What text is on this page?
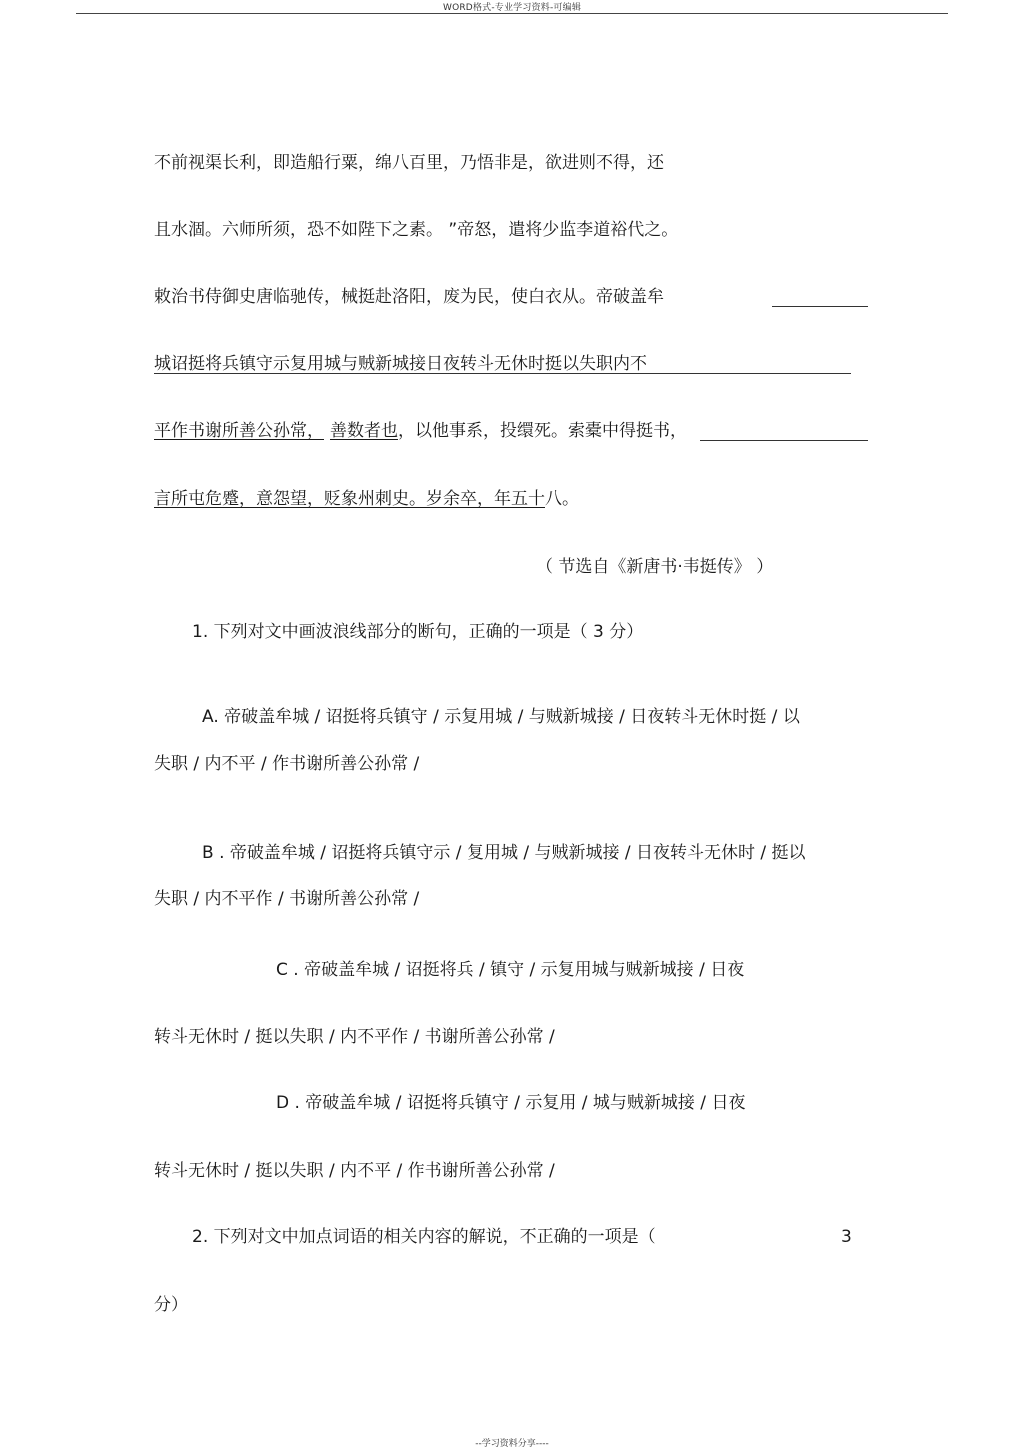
WORD格式-专业学习资料-可编辑
不前视渠长利，即造船行粟，绵八百里，乃悟非是，欲进则不得，还
且水涸。六师所须，恐不如陛下之素。 ”帝怒，遣将少监李道裕代之。
敕治书侍御史唐临驰传，械挺赴洛阳，废为民，使白衣从。帝破盖牟
城诏挺将兵镇守示复用城与贼新城接日夜转斗无休时挺以失职内不
平作书谢所善公孙常， 善数者也，以他事系，投缳死。索橐中得挺书，
言所屯危蹙，意怨望，贬象州刺史。岁余卒，年五十八。
（ 节选自《新唐书·韦挺传》 ）
1. 下列对文中画波浪线部分的断句，正确的一项是（ 3 分）
A. 帝破盖牟城 / 诏挺将兵镇守 / 示复用城 / 与贼新城接 / 日夜转斗无休时挺 / 以
失职 / 内不平 / 作书谢所善公孙常 /
B . 帝破盖牟城 / 诏挺将兵镇守示 / 复用城 / 与贼新城接 / 日夜转斗无休时 / 挺以
失职 / 内不平作 / 书谢所善公孙常 /
C . 帝破盖牟城 / 诏挺将兵 / 镇守 / 示复用城与贼新城接 / 日夜
转斗无休时 / 挺以失职 / 内不平作 / 书谢所善公孙常 /
D . 帝破盖牟城 / 诏挺将兵镇守 / 示复用 / 城与贼新城接 / 日夜
转斗无休时 / 挺以失职 / 内不平 / 作书谢所善公孙常 /
2. 下列对文中加点词语的相关内容的解说，不正确的一项是（	3
分）
--学习资料分享----
